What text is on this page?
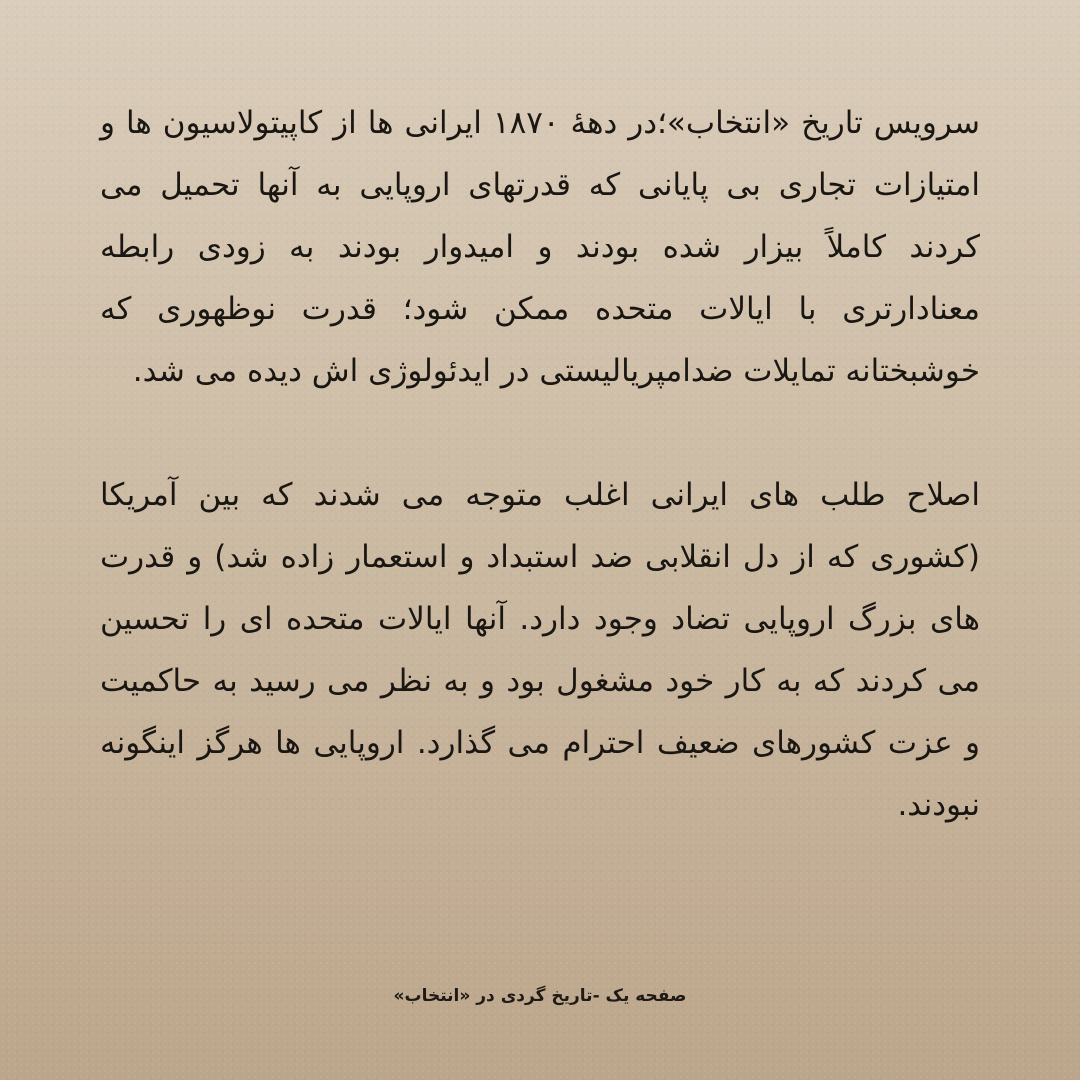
سرویس تاریخ «انتخاب»؛در دههٔ ۱۸۷۰ ایرانی ها از کاپیتولاسیون ها و امتیازات تجاری بی پایانی که قدرتهای اروپایی به آنها تحمیل می کردند کاملاً بیزار شده بودند و امیدوار بودند به زودی رابطه معنادارتری با ایالات متحده ممکن شود؛ قدرت نوظهوری که خوشبختانه تمایلات ضدامپریالیستی در ایدئولوژی اش دیده می شد.

اصلاح طلب های ایرانی اغلب متوجه می شدند که بین آمریکا (کشوری که از دل انقلابی ضد استبداد و استعمار زاده شد) و قدرت های بزرگ اروپایی تضاد وجود دارد. آنها ایالات متحده ای را تحسین می کردند که به کار خود مشغول بود و به نظر می رسید به حاکمیت و عزت کشورهای ضعیف احترام می گذارد. اروپایی ها هرگز اینگونه نبودند.

صفحه یک -تاریخ گردی در «انتخاب»
